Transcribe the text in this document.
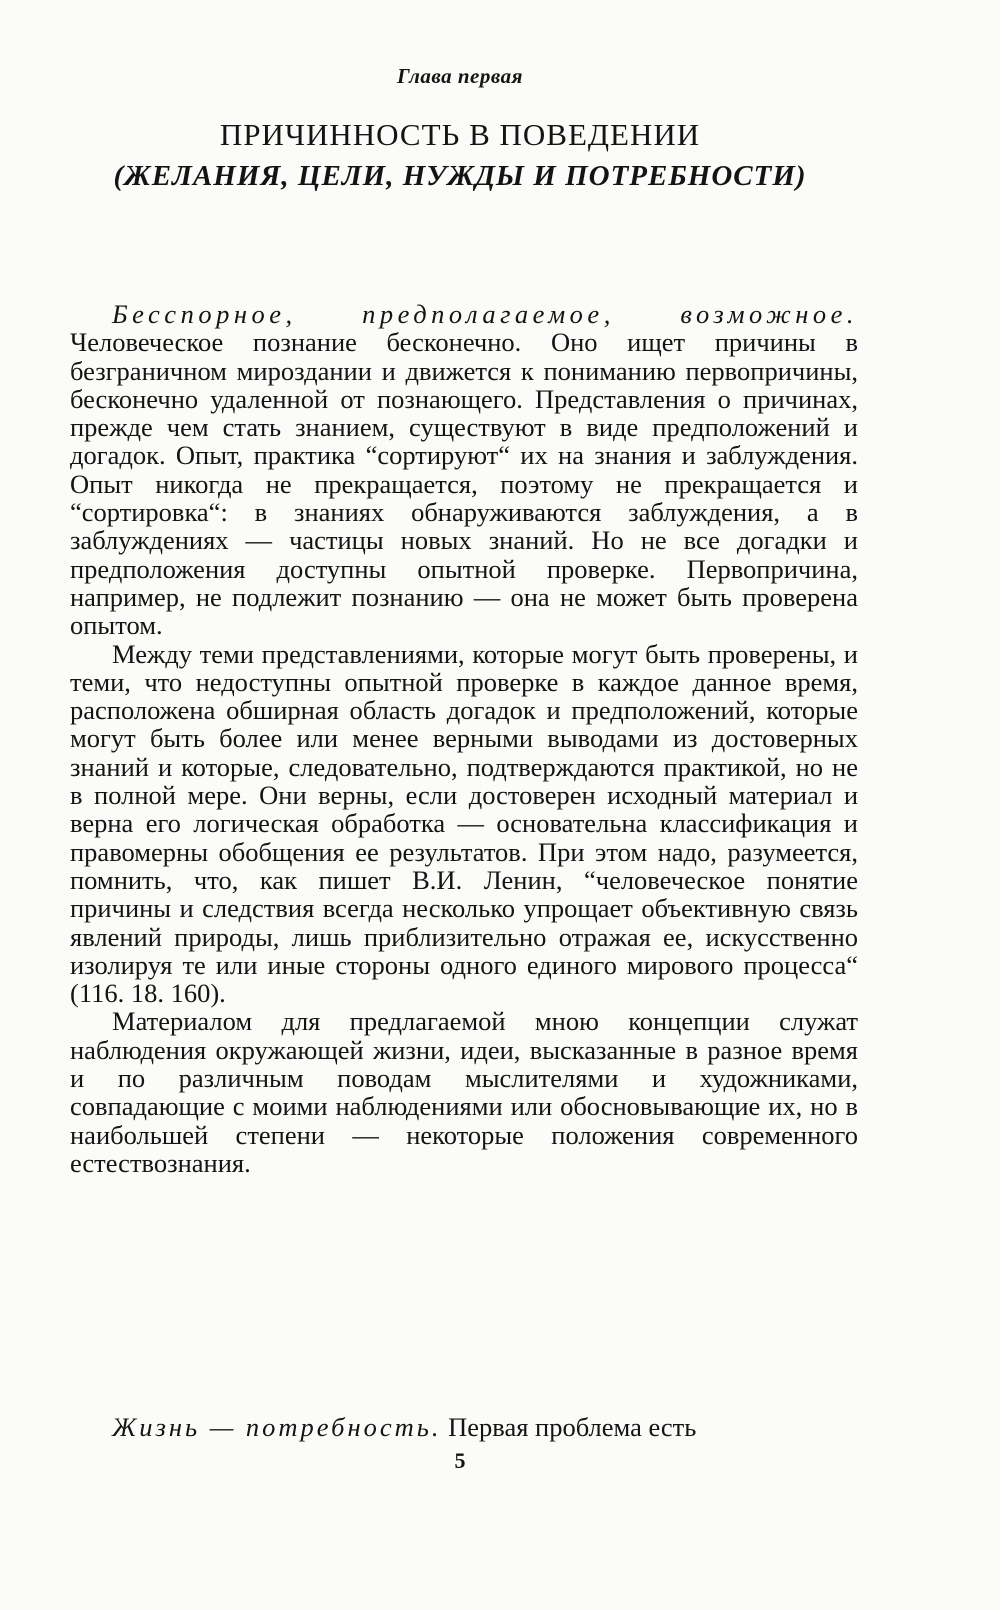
Глава первая
ПРИЧИННОСТЬ В ПОВЕДЕНИИ
(ЖЕЛАНИЯ, ЦЕЛИ, НУЖДЫ И ПОТРЕБНОСТИ)

Бесспорное, предполагаемое, возможное. Человеческое познание бесконечно. Оно ищет причины в безграничном мироздании и движется к пониманию первопричины, бесконечно удаленной от познающего. Представления о причинах, прежде чем стать знанием, существуют в виде предположений и догадок. Опыт, практика “сортируют“ их на знания и заблуждения. Опыт никогда не прекращается, поэтому не прекращается и “сортировка“: в знаниях обнаруживаются заблуждения, а в заблуждениях — частицы новых знаний. Но не все догадки и предположения доступны опытной проверке. Первопричина, например, не подлежит познанию — она не может быть проверена опытом.

Между теми представлениями, которые могут быть проверены, и теми, что недоступны опытной проверке в каждое данное время, расположена обширная область догадок и предположений, которые могут быть более или менее верными выводами из достоверных знаний и которые, следовательно, подтверждаются практикой, но не в полной мере. Они верны, если достоверен исходный материал и верна его логическая обработка — основательна классификация и правомерны обобщения ее результатов. При этом надо, разумеется, помнить, что, как пишет В.И. Ленин, “человеческое понятие причины и следствия всегда несколько упрощает объективную связь явлений природы, лишь приблизительно отражая ее, искусственно изолируя те или иные стороны одного единого мирового процесса“ (116. 18. 160).

Материалом для предлагаемой мною концепции служат наблюдения окружающей жизни, идеи, высказанные в разное время и по различным поводам мыслителями и художниками, совпадающие с моими наблюдениями или обосновывающие их, но в наибольшей степени — некоторые положения современного естествознания.

Жизнь — потребность. Первая проблема есть
5
